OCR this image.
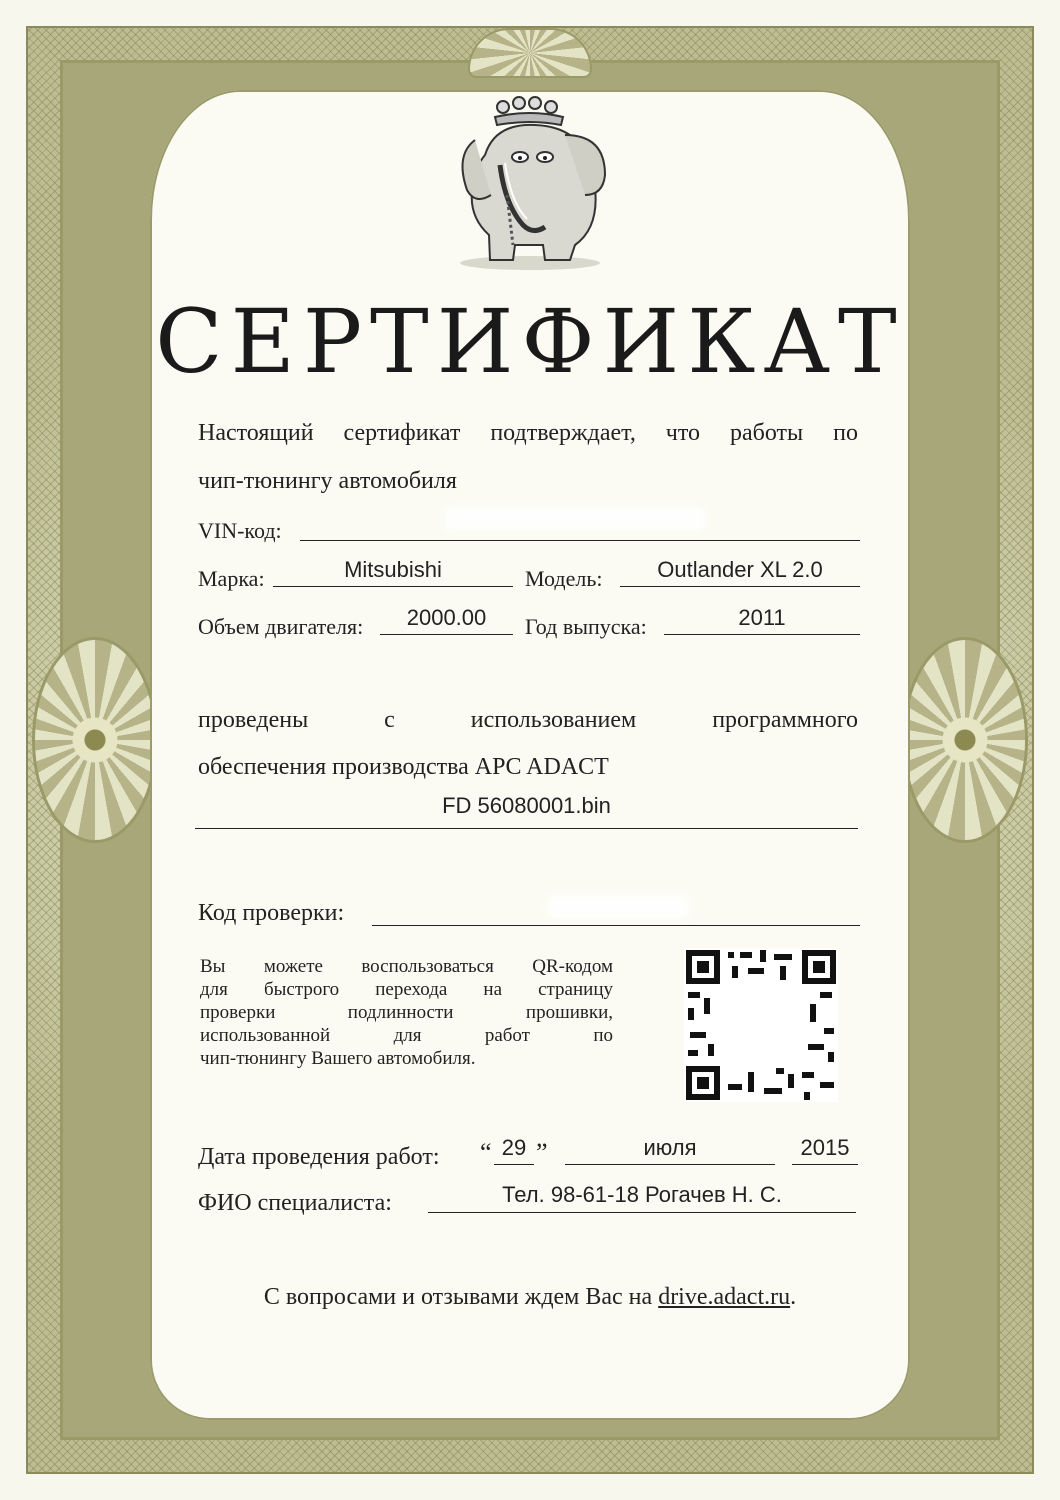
СЕРТИФИКАТ
Настоящий сертификат подтверждает, что работы по
чип-тюнингу автомобиля
VIN-код:
Марка:	Mitsubishi	Модель:	Outlander XL 2.0
Объем двигателя:	2000.00	Год выпуска:	2011
проведены с использованием программного
обеспечения производства APC ADACT
FD 56080001.bin
Код проверки:
Вы можете воспользоваться QR-кодом
для быстрого перехода на страницу
проверки подлинности прошивки,
использованной для работ по
чип-тюнингу Вашего автомобиля.
Дата проведения работ: “ 29 ”	июля	2015
ФИО специалиста:	Тел. 98-61-18 Рогачев Н. С.
С вопросами и отзывами ждем Вас на drive.adact.ru.
